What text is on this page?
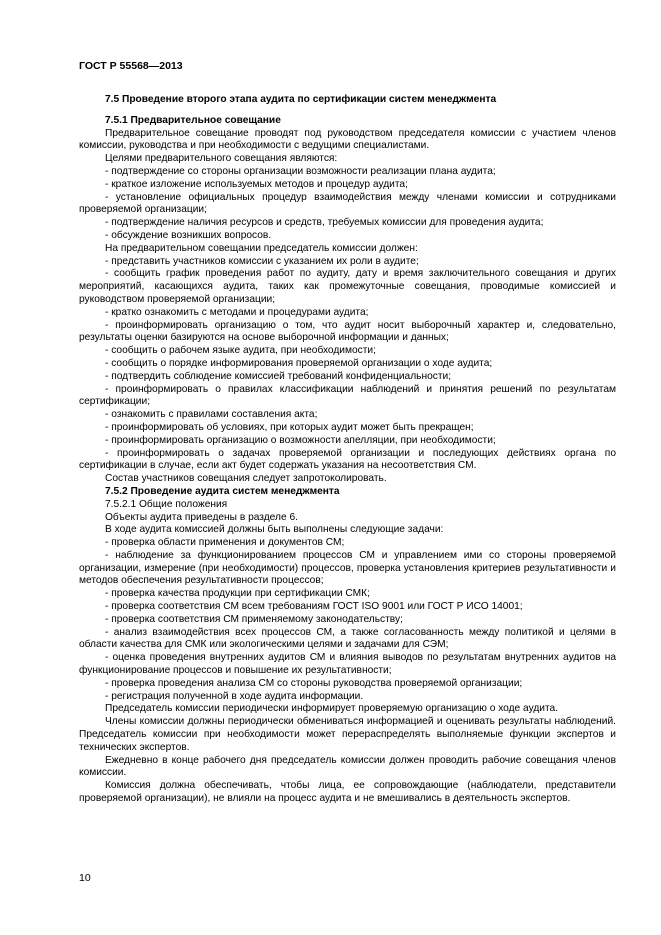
ГОСТ Р 55568—2013

7.5 Проведение второго этапа аудита по сертификации систем менеджмента

7.5.1 Предварительное совещание

Предварительное совещание проводят под руководством председателя комиссии с участием членов комиссии, руководства и при необходимости с ведущими специалистами.

Целями предварительного совещания являются:

- подтверждение со стороны организации возможности реализации плана аудита;

- краткое изложение используемых методов и процедур аудита;

- установление официальных процедур взаимодействия между членами комиссии и сотрудниками проверяемой организации;

- подтверждение наличия ресурсов и средств, требуемых комиссии для проведения аудита;

- обсуждение возникших вопросов.

На предварительном совещании председатель комиссии должен:

- представить участников комиссии с указанием их роли в аудите;

- сообщить график проведения работ по аудиту, дату и время заключительного совещания и других мероприятий, касающихся аудита, таких как промежуточные совещания, проводимые комиссией и руководством проверяемой организации;

- кратко ознакомить с методами и процедурами аудита;

- проинформировать организацию о том, что аудит носит выборочный характер и, следовательно, результаты оценки базируются на основе выборочной информации и данных;

- сообщить о рабочем языке аудита, при необходимости;

- сообщить о порядке информирования проверяемой организации о ходе аудита;

- подтвердить соблюдение комиссией требований конфиденциальности;

- проинформировать о правилах классификации наблюдений и принятия решений по результатам сертификации;

- ознакомить с правилами составления акта;

- проинформировать об условиях, при которых аудит может быть прекращен;

- проинформировать организацию о возможности апелляции, при необходимости;

- проинформировать о задачах проверяемой организации и последующих действиях органа по сертификации в случае, если акт будет содержать указания на несоответствия СМ.

Состав участников совещания следует запротоколировать.

7.5.2 Проведение аудита систем менеджмента

7.5.2.1 Общие положения

Объекты аудита приведены в разделе 6.

В ходе аудита комиссией должны быть выполнены следующие задачи:

- проверка области применения и документов СМ;

- наблюдение за функционированием процессов СМ и управлением ими со стороны проверяемой организации, измерение (при необходимости) процессов, проверка установления критериев результативности и методов обеспечения результативности процессов;

- проверка качества продукции при сертификации СМК;

- проверка соответствия СМ всем требованиям ГОСТ ISO 9001 или ГОСТ Р ИСО 14001;

- проверка соответствия СМ применяемому законодательству;

- анализ взаимодействия всех процессов СМ, а также согласованность между политикой и целями в области качества для СМК или экологическими целями и задачами для СЭМ;

- оценка проведения внутренних аудитов СМ и влияния выводов по результатам внутренних аудитов на функционирование процессов и повышение их результативности;

- проверка проведения анализа СМ со стороны руководства проверяемой организации;

- регистрация полученной в ходе аудита информации.

Председатель комиссии периодически информирует проверяемую организацию о ходе аудита.

Члены комиссии должны периодически обмениваться информацией и оценивать результаты наблюдений. Председатель комиссии при необходимости может перераспределять выполняемые функции экспертов и технических экспертов.

Ежедневно в конце рабочего дня председатель комиссии должен проводить рабочие совещания членов комиссии.

Комиссия должна обеспечивать, чтобы лица, ее сопровождающие (наблюдатели, представители проверяемой организации), не влияли на процесс аудита и не вмешивались в деятельность экспертов.

10
